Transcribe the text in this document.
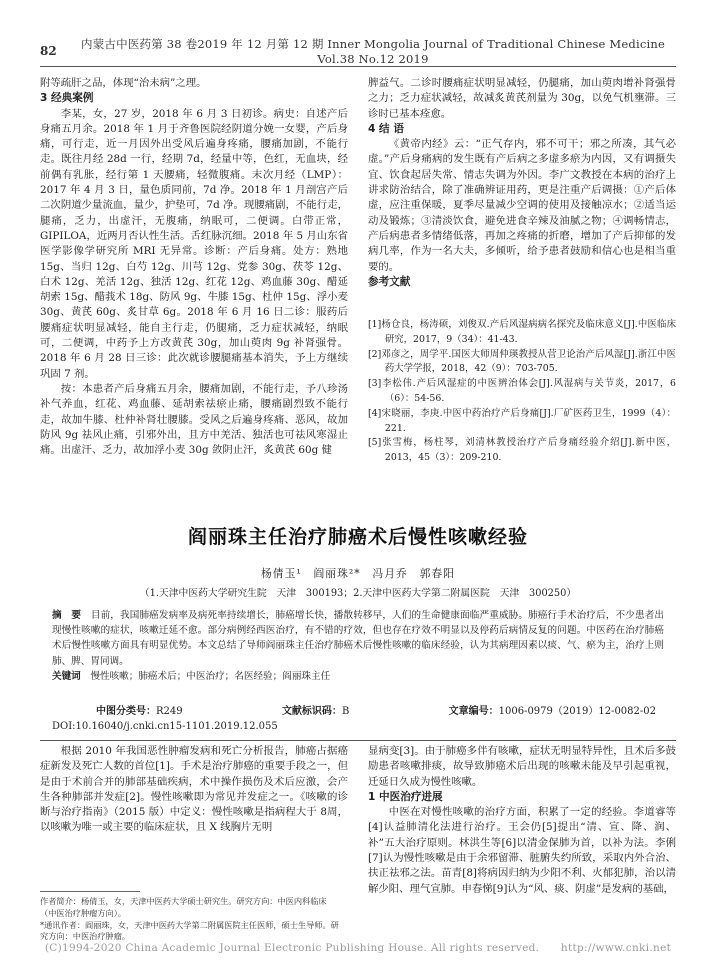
82	内蒙古中医药第 38 卷2019 年 12 月第 12 期 Inner Mongolia Journal of Traditional Chinese Medicine Vol.38 No.12 2019

附等疏肝之品，体现“治未病”之理。

3 经典案例

李某，女，27 岁，2018 年 6 月 3 日初诊。病史：自述产后身痛五月余。2018 年 1 月于齐鲁医院经阴道分娩一女婴，产后身痛，可行走，近一月因外出受风后遍身疼痛，腰痛加剧，不能行走。既往月经 28d 一行，经期 7d，经量中等，色红，无血块，经前偶有乳胀，经行第 1 天腰痛，轻微腹痛。末次月经（LMP）：2017 年 4 月 3 日，量色质同前，7d 净。2018 年 1 月剖宫产后二次阴道少量流血，量少，护垫可，7d 净。现腰痛剧，不能行走，腿痛，乏力，出虚汗，无腹痛，纳眠可，二便调。白带正常，GIPILOA，近两月否认性生活。舌红脉沉细。2018 年 5 月山东省医学影像学研究所 MRI 无异常。诊断：产后身痛。处方：熟地 15g、当归 12g、白芍 12g、川芎 12g、党参 30g、茯苓 12g、白术 12g、羌活 12g、独活 12g、红花 12g、鸡血藤 30g、醋延胡索 15g、醋莪术 18g、防风 9g、牛膝 15g、杜仲 15g、浮小麦 30g、黄芪 60g、炙甘草 6g。2018 年 6 月 16 日二诊：服药后腰痛症状明显减轻，能自主行走，仍腿痛，乏力症状减轻，纳眠可，二便调，中药予上方改黄芪 30g，加山萸肉 9g 补肾强骨。2018 年 6 月 28 日三诊：此次就诊腰腿痛基本消失，予上方继续巩固 7 剂。

按：本患者产后身痛五月余，腰痛加剧，不能行走，予八珍汤补气养血，红花、鸡血藤、延胡索祛瘀止痛，腰痛剧烈致不能行走，故加牛膝、杜仲补肾壮腰膝。受风之后遍身疼痛、恶风，故加防风 9g 祛风止痛，引邪外出，且方中羌活、独活也可祛风寒湿止痛。出虚汗、乏力，故加浮小麦 30g 敛阴止汗，炙黄芪 60g 健

脾益气。二诊时腰痛症状明显减轻，仍腿痛，加山萸肉增补肾强骨之力；乏力症状减轻，故减炙黄芪剂量为 30g，以免气机壅滞。三诊时已基本痊愈。

4 结 语

《黄帝内经》云：“正气存内，邪不可干；邪之所凑，其气必虚。”产后身痛病的发生既有产后病之多虚多瘀为内因，又有调摄失宜、饮食起居失常、情志失调为外因。李广文教授在本病的治疗上讲求防治结合，除了准确辨证用药，更是注重产后调摄：①产后体虚，应注重保暖，夏季尽量减少空调的使用及接触凉水；②适当运动及锻炼；③清淡饮食，避免进食辛辣及油腻之物；④调畅情志，产后病患者多情绪低落，再加之疼痛的折磨，增加了产后抑郁的发病几率，作为一名大夫，多倾听，给予患者鼓励和信心也是相当重要的。

参考文献

[1]杨仓良，杨涛硕，刘俊双.产后风湿病病名探究及临床意义[J].中医临床研究，2017，9（34）：41-43.

[2]邓彦之，周学平.国医大师周仲瑛教授从营卫论治产后风湿[J].浙江中医药大学学报，2018，42（9）：703-705.

[3]李松伟.产后风湿症的中医辨治体会[J].风湿病与关节炎，2017，6（6）：54-56.

[4]宋晓丽，李庚.中医中药治疗产后身痛[J].厂矿医药卫生，1999（4）：221.

[5]张雪梅，杨柱琴，刘清林教授治疗产后身痛经验介绍[J].新中医，2013，45（3）：209-210.

阎丽珠主任治疗肺癌术后慢性咳嗽经验
杨倩玉¹　阎丽珠²*　冯月乔　郭春阳
（1.天津中医药大学研究生院　天津　300193；2.天津中医药大学第二附属医院　天津　300250）

摘　要　 目前，我国肺癌发病率及病死率持续增长，肺癌增长快，播散转移早，人们的生命健康面临严重威胁。肺癌行手术治疗后，不少患者出现慢性咳嗽的症状，咳嗽迁延不愈。部分病例经西医治疗，有不错的疗效，但也存在疗效不明显以及停药后病情反复的问题。中医药在治疗肺癌术后慢性咳嗽方面具有明显优势。本文总结了导师阎丽珠主任治疗肺癌术后慢性咳嗽的临床经验，认为其病理因素以痰、气、瘀为主，治疗上则肺、脾、胃同调。

关键词　 慢性咳嗽；肺癌术后；中医治疗；名医经验；阎丽珠主任

中图分类号：R249	文献标识码：B	文章编号：1006-0979（2019）12-0082-02
DOI:10.16040/j.cnki.cn15-1101.2019.12.055

根据 2010 年我国恶性肿瘤发病和死亡分析报告，肺癌占据癌症新发及死亡人数的首位[1]。手术是治疗肺癌的重要手段之一，但是由于术前合并的肺部基础疾病，术中操作损伤及术后应激，会产生各种肺部并发症[2]。慢性咳嗽即为常见并发症之一。《咳嗽的诊断与治疗指南》（2015 版）中定义：慢性咳嗽是指病程大于 8周，以咳嗽为唯一或主要的临床症状，且 X 线胸片无明

显病变[3]。由于肺癌多伴有咳嗽，症状无明显特异性，且术后多鼓励患者咳嗽排痰，故导致肺癌术后出现的咳嗽未能及早引起重视，迁延日久成为慢性咳嗽。

1 中医治疗进展

中医在对慢性咳嗽的治疗方面，积累了一定的经验。李道睿等[4]认益肺清化法进行治疗。王会仍[5]提出“清、宣、降、润、补”五大治疗原则。林洪生等[6]以清金保肺为首，以补为法。李俐[7]认为慢性咳嗽是由于余邪留滞、脏腑失约所致，采取内外合治、扶正祛邪之法。苗青[8]将病因归纳为少阳不利、火郁犯肺，治以清解少阳、理气宣肺。申春悌[9]认为“风、痰、阴虚”是发病的基础，

作者简介：杨倩玉，女，天津中医药大学硕士研究生。研究方向：中医内科临床（中医治疗肿瘤方向）。

*通讯作者：阎丽珠，女，天津中医药大学第二附属医院主任医师，硕士生导师。研究方向：中医治疗肿瘤。

(C)1994-2020 China Academic Journal Electronic Publishing House. All rights reserved.　　http://www.cnki.net
